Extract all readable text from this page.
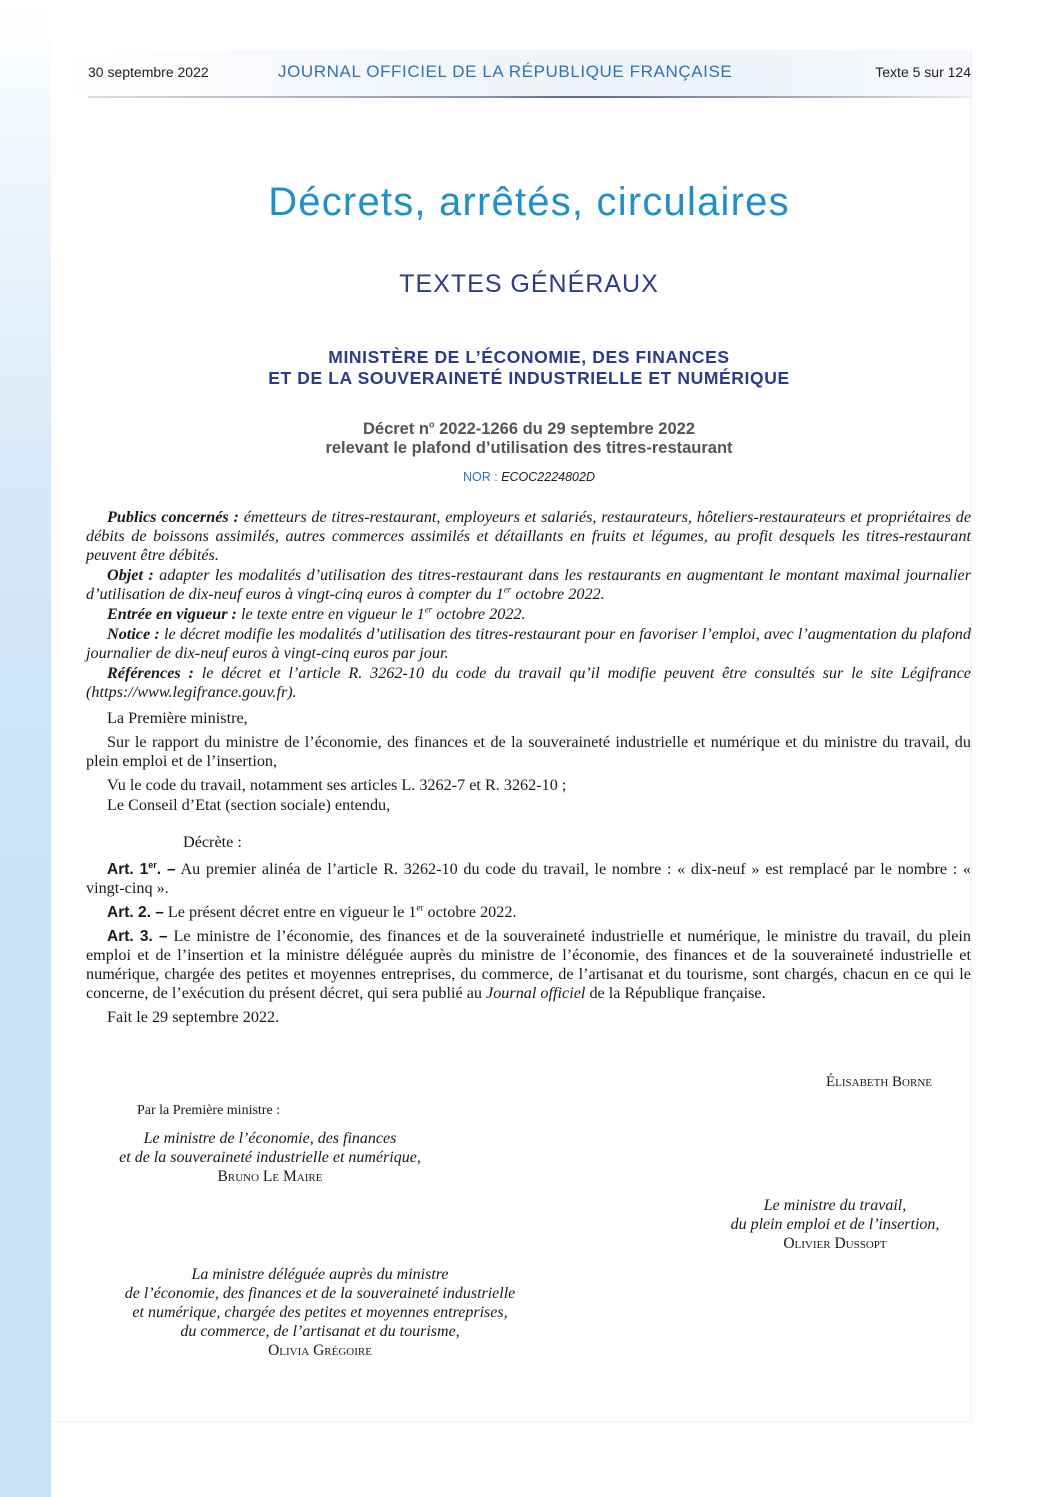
30 septembre 2022	JOURNAL OFFICIEL DE LA RÉPUBLIQUE FRANÇAISE	Texte 5 sur 124
Décrets, arrêtés, circulaires
TEXTES GÉNÉRAUX
MINISTÈRE DE L’ÉCONOMIE, DES FINANCES
ET DE LA SOUVERAINETÉ INDUSTRIELLE ET NUMÉRIQUE
Décret $n^o$ 2022-1266 du 29 septembre 2022
relevant le plafond d’utilisation des titres-restaurant
NOR : ECOC2224802D

Publics concernés : émetteurs de titres-restaurant, employeurs et salariés, restaurateurs, hôteliers-restaurateurs et propriétaires de débits de boissons assimilés, autres commerces assimilés et détaillants en fruits et légumes, au profit desquels les titres-restaurant peuvent être débités.

Objet : adapter les modalités d’utilisation des titres-restaurant dans les restaurants en augmentant le montant maximal journalier d’utilisation de dix-neuf euros à vingt-cinq euros à compter du 1er octobre 2022.

Entrée en vigueur : le texte entre en vigueur le 1er octobre 2022.

Notice : le décret modifie les modalités d’utilisation des titres-restaurant pour en favoriser l’emploi, avec l’augmentation du plafond journalier de dix-neuf euros à vingt-cinq euros par jour.

Références : le décret et l’article R. 3262-10 du code du travail qu’il modifie peuvent être consultés sur le site Légifrance (https://www.legifrance.gouv.fr).

La Première ministre,

Sur le rapport du ministre de l’économie, des finances et de la souveraineté industrielle et numérique et du ministre du travail, du plein emploi et de l’insertion,

Vu le code du travail, notamment ses articles L. 3262-7 et R. 3262-10 ;

Le Conseil d’Etat (section sociale) entendu,

Décrète :

Art. 1er. – Au premier alinéa de l’article R. 3262-10 du code du travail, le nombre : « dix-neuf » est remplacé par le nombre : « vingt-cinq ».

Art. 2. – Le présent décret entre en vigueur le 1er octobre 2022.

Art. 3. – Le ministre de l’économie, des finances et de la souveraineté industrielle et numérique, le ministre du travail, du plein emploi et de l’insertion et la ministre déléguée auprès du ministre de l’économie, des finances et de la souveraineté industrielle et numérique, chargée des petites et moyennes entreprises, du commerce, de l’artisanat et du tourisme, sont chargés, chacun en ce qui le concerne, de l’exécution du présent décret, qui sera publié au Journal officiel de la République française.

Fait le 29 septembre 2022.

Élisabeth Borne
Par la Première ministre :
Le ministre de l’économie, des finances
et de la souveraineté industrielle et numérique,
Bruno Le Maire
Le ministre du travail,
du plein emploi et de l’insertion,
Olivier Dussopt
La ministre déléguée auprès du ministre
de l’économie, des finances et de la souveraineté industrielle
et numérique, chargée des petites et moyennes entreprises,
du commerce, de l’artisanat et du tourisme,
Olivia Grégoire
